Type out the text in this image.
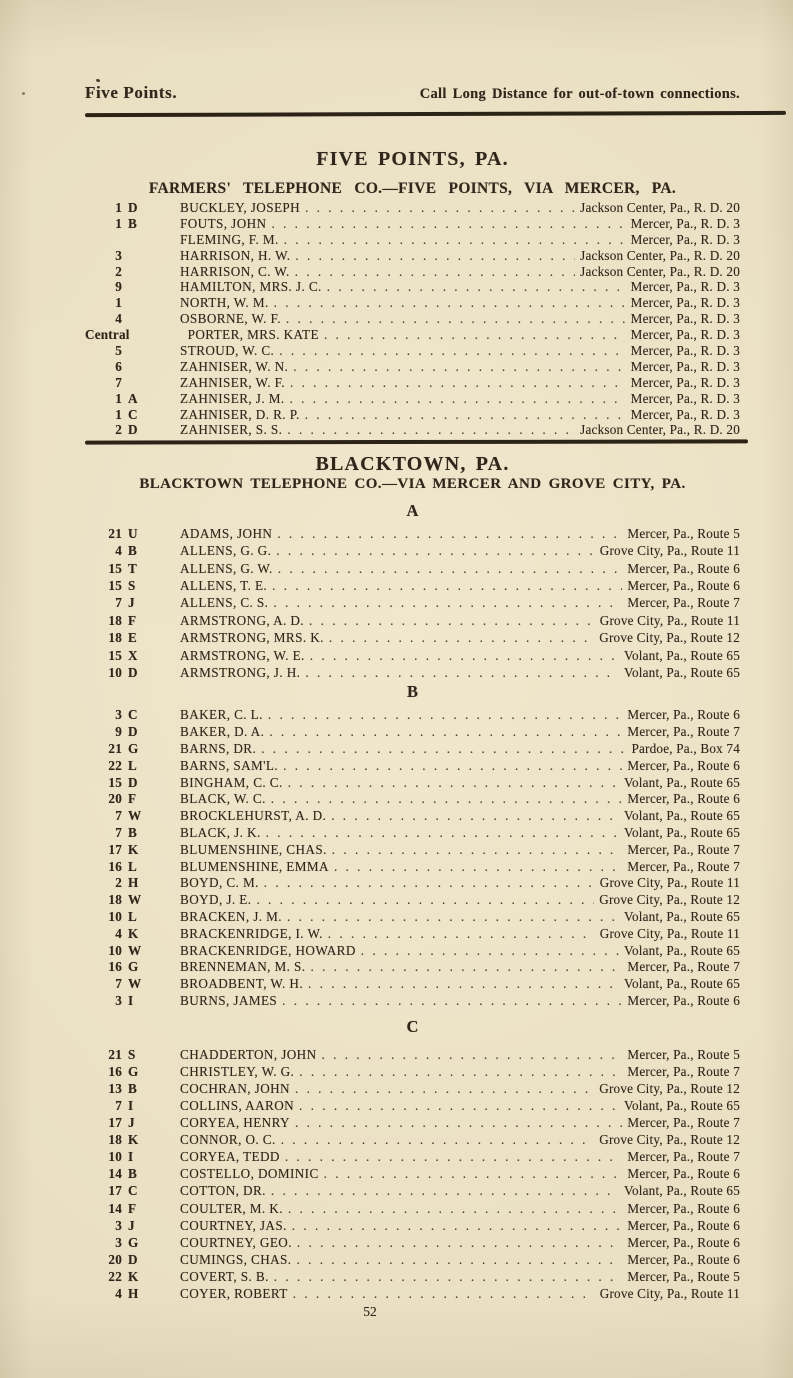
Five Points.	Call Long Distance for out-of-town connections.
FIVE POINTS, PA.
FARMERS' TELEPHONE CO.—FIVE POINTS, VIA MERCER, PA.
1 D	BUCKLEY, JOSEPH . . .	Jackson Center, Pa., R. D. 20
1 B	FOUTS, JOHN . . .	Mercer, Pa., R. D. 3
FLEMING, F. M. . . .	Mercer, Pa., R. D. 3
3	HARRISON, H. W. . . .	Jackson Center, Pa., R. D. 20
2	HARRISON, C. W. . . .	Jackson Center, Pa., R. D. 20
9	HAMILTON, MRS. J. C. . . .	Mercer, Pa., R. D. 3
1	NORTH, W. M. . . .	Mercer, Pa., R. D. 3
4	OSBORNE, W. F. . . .	Mercer, Pa., R. D. 3
Central	PORTER, MRS. KATE . . .	Mercer, Pa., R. D. 3
5	STROUD, W. C. . . .	Mercer, Pa., R. D. 3
6	ZAHNISER, W. N. . . .	Mercer, Pa., R. D. 3
7	ZAHNISER, W. F. . . .	Mercer, Pa., R. D. 3
1 A	ZAHNISER, J. M. . . .	Mercer, Pa., R. D. 3
1 C	ZAHNISER, D. R. P. . . .	Mercer, Pa., R. D. 3
2 D	ZAHNISER, S. S. . . .	Jackson Center, Pa., R. D. 20
BLACKTOWN, PA.
BLACKTOWN TELEPHONE CO.—VIA MERCER AND GROVE CITY, PA.
A
21 U	ADAMS, JOHN . . .	Mercer, Pa., Route 5
4 B	ALLENS, G. G. . . .	Grove City, Pa., Route 11
15 T	ALLENS, G. W. . . .	Mercer, Pa., Route 6
15 S	ALLENS, T. E. . . .	Mercer, Pa., Route 6
7 J	ALLENS, C. S. . . .	Mercer, Pa., Route 7
18 F	ARMSTRONG, A. D. . . .	Grove City, Pa., Route 11
18 E	ARMSTRONG, MRS. K. . . .	Grove City, Pa., Route 12
15 X	ARMSTRONG, W. E. . . .	Volant, Pa., Route 65
10 D	ARMSTRONG, J. H. . . .	Volant, Pa., Route 65
B
3 C	BAKER, C. L. . . .	Mercer, Pa., Route 6
9 D	BAKER, D. A. . . .	Mercer, Pa., Route 7
21 G	BARNS, DR. . . .	Pardoe, Pa., Box 74
22 L	BARNS, SAM'L. . . .	Mercer, Pa., Route 6
15 D	BINGHAM, C. C. . . .	Volant, Pa., Route 65
20 F	BLACK, W. C. . . .	Mercer, Pa., Route 6
7 W	BROCKLEHURST, A. D. . . .	Volant, Pa., Route 65
7 B	BLACK, J. K. . . .	Volant, Pa., Route 65
17 K	BLUMENSHINE, CHAS. . . .	Mercer, Pa., Route 7
16 L	BLUMENSHINE, EMMA . . .	Mercer, Pa., Route 7
2 H	BOYD, C. M. . . .	Grove City, Pa., Route 11
18 W	BOYD, J. E. . . .	Grove City, Pa., Route 12
10 L	BRACKEN, J. M. . . .	Volant, Pa., Route 65
4 K	BRACKENRIDGE, I. W. . . .	Grove City, Pa., Route 11
10 W	BRACKENRIDGE, HOWARD . . .	Volant, Pa., Route 65
16 G	BRENNEMAN, M. S. . . .	Mercer, Pa., Route 7
7 W	BROADBENT, W. H. . . .	Volant, Pa., Route 65
3 I	BURNS, JAMES . . .	Mercer, Pa., Route 6
C
21 S	CHADDERTON, JOHN . . .	Mercer, Pa., Route 5
16 G	CHRISTLEY, W. G. . . .	Mercer, Pa., Route 7
13 B	COCHRAN, JOHN . . .	Grove City, Pa., Route 12
7 I	COLLINS, AARON . . .	Volant, Pa., Route 65
17 J	CORYEA, HENRY . . .	Mercer, Pa., Route 7
18 K	CONNOR, O. C. . . .	Grove City, Pa., Route 12
10 I	CORYEA, TEDD . . .	Mercer, Pa., Route 7
14 B	COSTELLO, DOMINIC . . .	Mercer, Pa., Route 6
17 C	COTTON, DR. . . .	Volant, Pa., Route 65
14 F	COULTER, M. K. . . .	Mercer, Pa., Route 6
3 J	COURTNEY, JAS. . . .	Mercer, Pa., Route 6
3 G	COURTNEY, GEO. . . .	Mercer, Pa., Route 6
20 D	CUMINGS, CHAS. . . .	Mercer, Pa., Route 6
22 K	COVERT, S. B. . . .	Mercer, Pa., Route 5
4 H	COYER, ROBERT . . .	Grove City, Pa., Route 11
52
